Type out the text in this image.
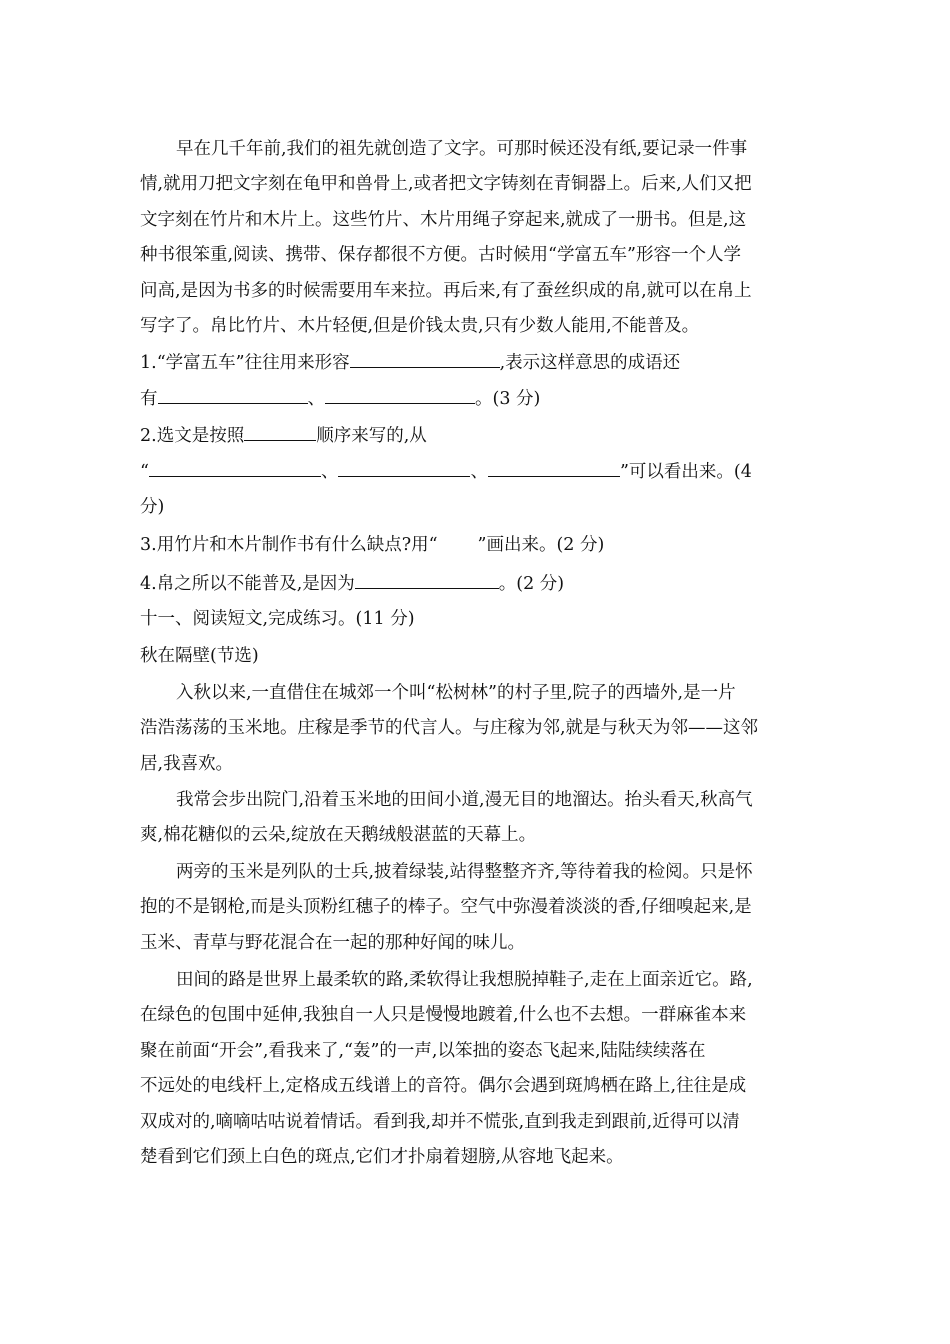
早在几千年前,我们的祖先就创造了文字。可那时候还没有纸,要记录一件事
情,就用刀把文字刻在龟甲和兽骨上,或者把文字铸刻在青铜器上。后来,人们又把
文字刻在竹片和木片上。这些竹片、木片用绳子穿起来,就成了一册书。但是,这
种书很笨重,阅读、携带、保存都很不方便。古时候用“学富五车”形容一个人学
问高,是因为书多的时候需要用车来拉。再后来,有了蚕丝织成的帛,就可以在帛上
写字了。帛比竹片、木片轻便,但是价钱太贵,只有少数人能用,不能普及。
1.“学富五车”往往用来形容	,表示这样意思的成语还
有	、	。(3 分)
2.选文是按照	顺序来写的,从
“	、	、	”可以看出来。(4
分)
3.用竹片和木片制作书有什么缺点?用“ ”画出来。(2 分)
4.帛之所以不能普及,是因为	。(2 分)
十一、阅读短文,完成练习。(11 分)
秋在隔壁(节选)
入秋以来,一直借住在城郊一个叫“松树林”的村子里,院子的西墙外,是一片
浩浩荡荡的玉米地。庄稼是季节的代言人。与庄稼为邻,就是与秋天为邻——这邻
居,我喜欢。
我常会步出院门,沿着玉米地的田间小道,漫无目的地溜达。抬头看天,秋高气
爽,棉花糖似的云朵,绽放在天鹅绒般湛蓝的天幕上。
两旁的玉米是列队的士兵,披着绿装,站得整整齐齐,等待着我的检阅。只是怀
抱的不是钢枪,而是头顶粉红穗子的棒子。空气中弥漫着淡淡的香,仔细嗅起来,是
玉米、青草与野花混合在一起的那种好闻的味儿。
田间的路是世界上最柔软的路,柔软得让我想脱掉鞋子,走在上面亲近它。路,
在绿色的包围中延伸,我独自一人只是慢慢地踱着,什么也不去想。一群麻雀本来
聚在前面“开会”,看我来了,“轰”的一声,以笨拙的姿态飞起来,陆陆续续落在
不远处的电线杆上,定格成五线谱上的音符。偶尔会遇到斑鸠栖在路上,往往是成
双成对的,嘀嘀咕咕说着情话。看到我,却并不慌张,直到我走到跟前,近得可以清
楚看到它们颈上白色的斑点,它们才扑扇着翅膀,从容地飞起来。
